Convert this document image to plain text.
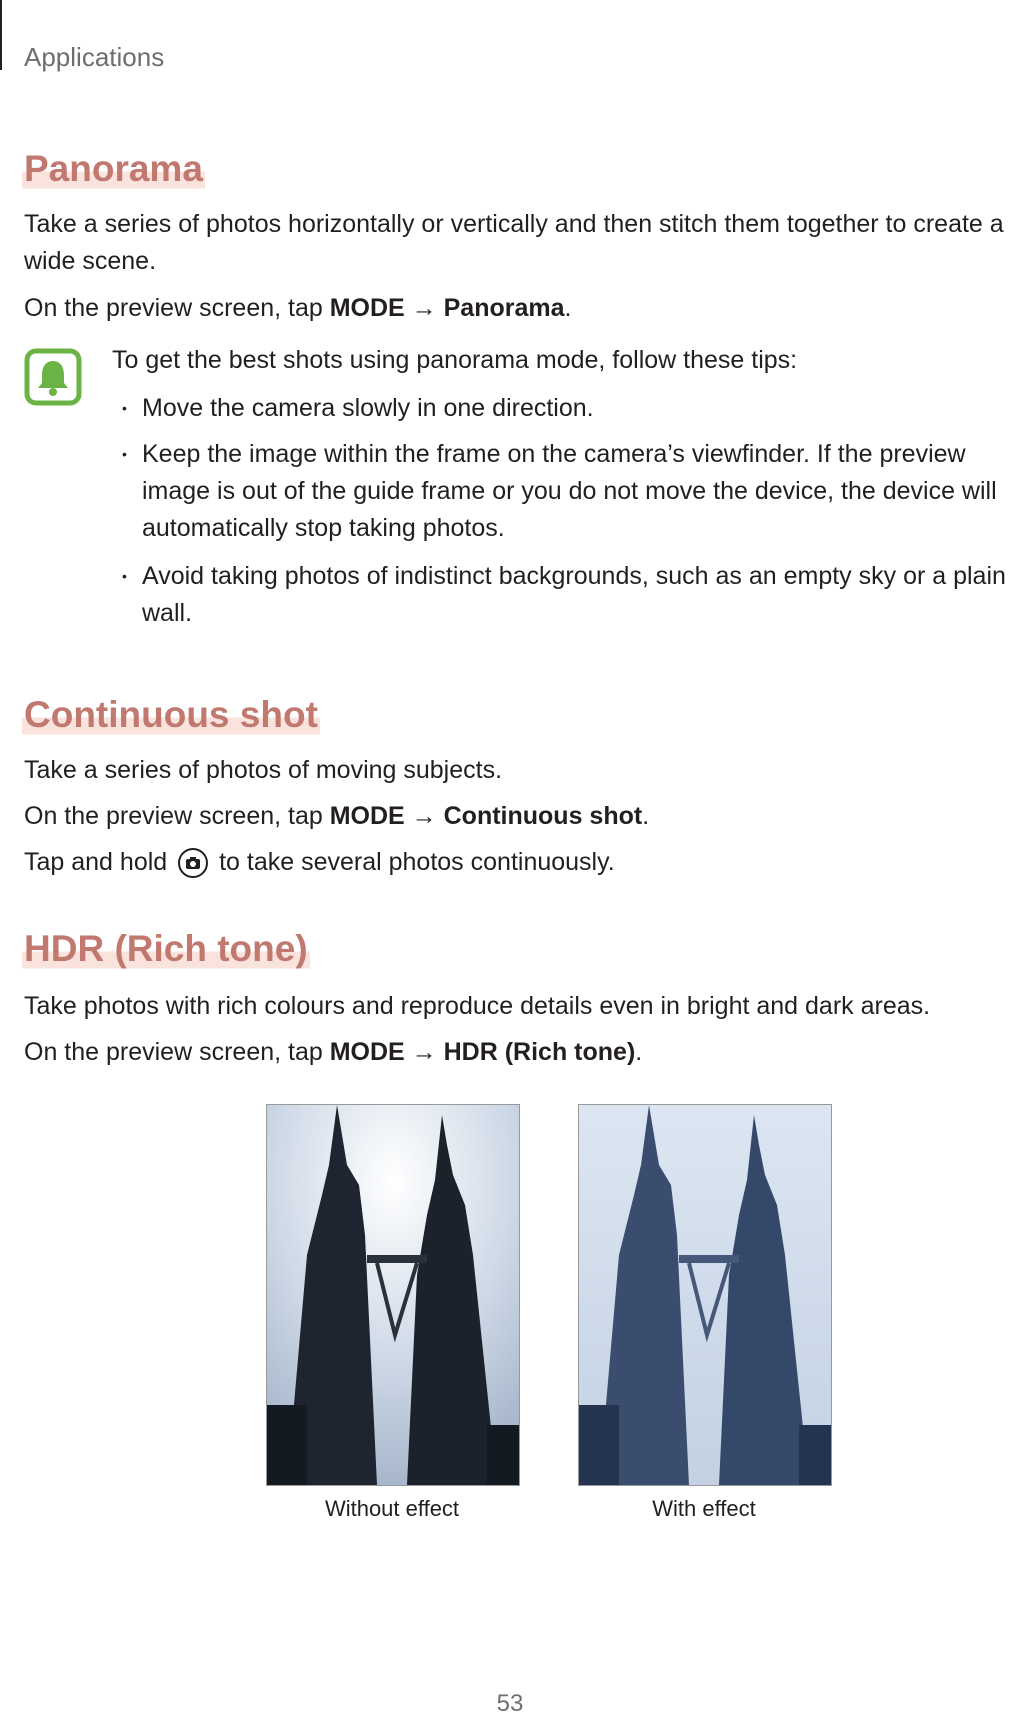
Applications
Panorama
Take a series of photos horizontally or vertically and then stitch them together to create a wide scene.
On the preview screen, tap MODE → Panorama.
To get the best shots using panorama mode, follow these tips:
• Move the camera slowly in one direction.
• Keep the image within the frame on the camera’s viewfinder. If the preview image is out of the guide frame or you do not move the device, the device will automatically stop taking photos.
• Avoid taking photos of indistinct backgrounds, such as an empty sky or a plain wall.
Continuous shot
Take a series of photos of moving subjects.
On the preview screen, tap MODE → Continuous shot.
Tap and hold to take several photos continuously.
HDR (Rich tone)
Take photos with rich colours and reproduce details even in bright and dark areas.
On the preview screen, tap MODE → HDR (Rich tone).
Without effect	With effect
53
